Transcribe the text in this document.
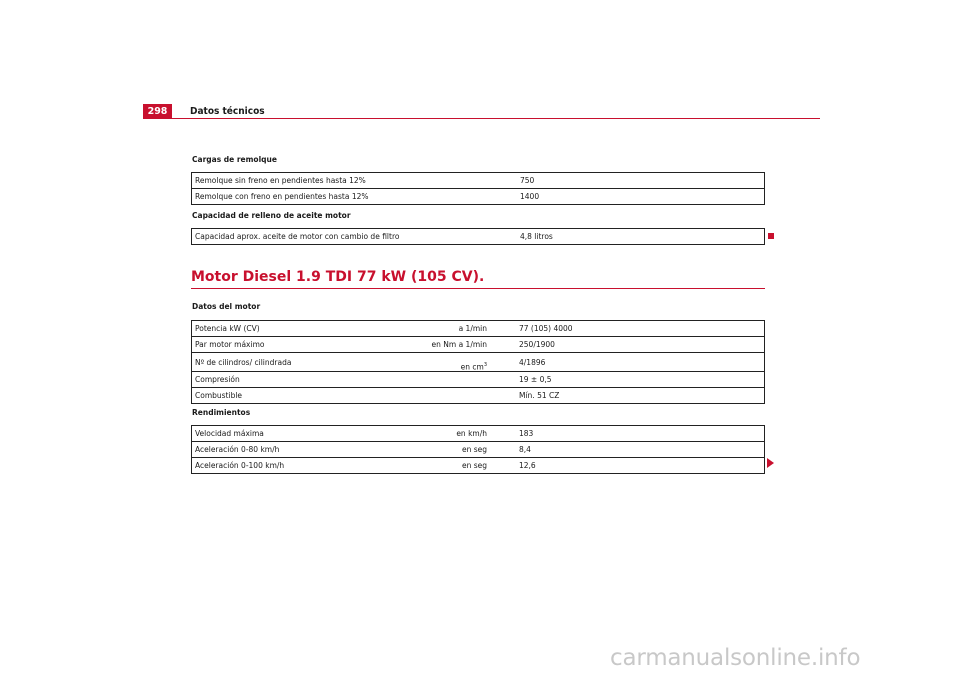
298	Datos técnicos
Cargas de remolque
Remolque sin freno en pendientes hasta 12%	750
Remolque con freno en pendientes hasta 12%	1400
Capacidad de relleno de aceite motor
Capacidad aprox. aceite de motor con cambio de filtro	4,8 litros
Motor Diesel 1.9 TDI 77 kW (105 CV).
Datos del motor
Potencia kW (CV)	a 1/min	77 (105) 4000
Par motor máximo	en Nm a 1/min	250/1900
Nº de cilindros/ cilindrada	en $cm^3$	4/1896
Compresión		19 ± 0,5
Combustible		Mín. 51 CZ
Rendimientos
Velocidad máxima	en km/h	183
Aceleración 0-80 km/h	en seg	8,4
Aceleración 0-100 km/h	en seg	12,6
carmanualsonline.info
